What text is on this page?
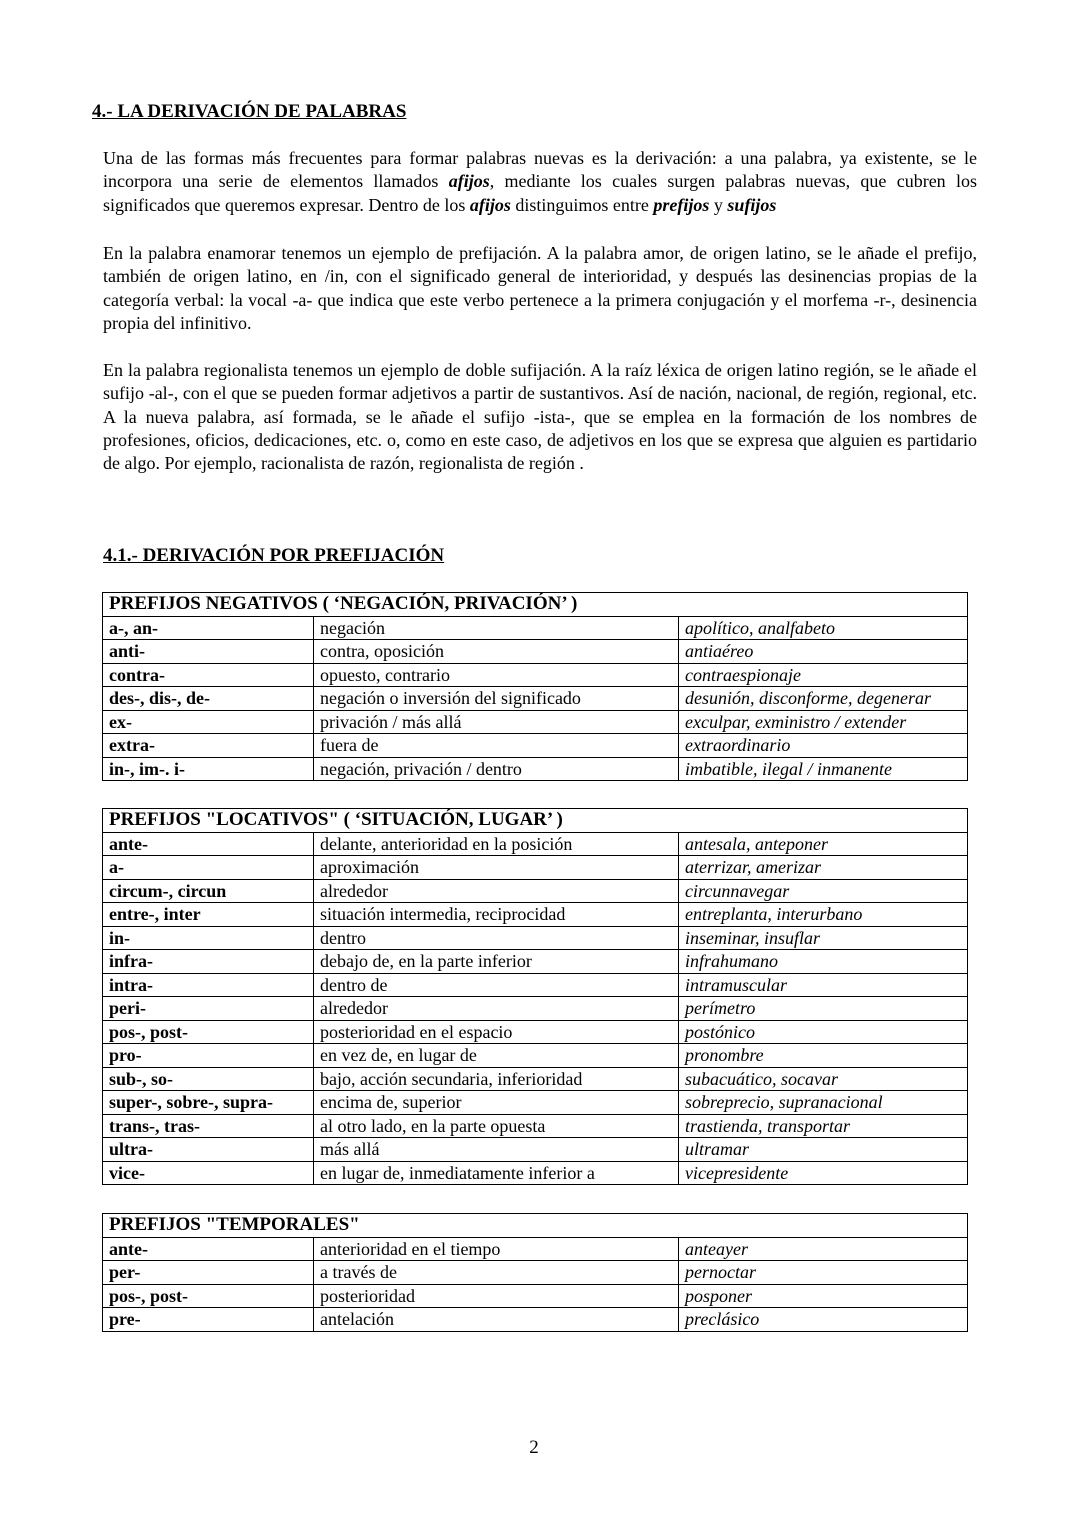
4.- LA DERIVACIÓN DE PALABRAS
Una de las formas más frecuentes para formar palabras nuevas es la derivación: a una palabra, ya existente, se le incorpora una serie de elementos llamados afijos, mediante los cuales surgen palabras nuevas, que cubren los significados que queremos expresar. Dentro de los afijos distinguimos entre prefijos y sufijos
En la palabra enamorar tenemos un ejemplo de prefijación. A la palabra amor, de origen latino, se le añade el prefijo, también de origen latino, en /in, con el significado general de interioridad, y después las desinencias propias de la categoría verbal: la vocal -a- que indica que este verbo pertenece a la primera conjugación y el morfema -r-, desinencia propia del infinitivo.
En la palabra regionalista tenemos un ejemplo de doble sufijación. A la raíz léxica de origen latino región, se le añade el sufijo -al-, con el que se pueden formar adjetivos a partir de sustantivos. Así de nación, nacional, de región, regional, etc. A la nueva palabra, así formada, se le añade el sufijo -ista-, que se emplea en la formación de los nombres de profesiones, oficios, dedicaciones, etc. o, como en este caso, de adjetivos en los que se expresa que alguien es partidario de algo. Por ejemplo, racionalista de razón, regionalista de región .
4.1.- DERIVACIÓN POR PREFIJACIÓN
PREFIJOS NEGATIVOS ( ‘NEGACIÓN, PRIVACIÓN’ )		
a-, an-	negación	apolítico, analfabeto
anti-	contra, oposición	antiaéreo
contra-	opuesto, contrario	contraespionaje
des-, dis-, de-	negación o inversión del significado	desunión, disconforme, degenerar
ex-	privación / más allá	exculpar, exministro / extender
extra-	fuera de	extraordinario
in-, im-. i-	negación, privación / dentro	imbatible, ilegal / inmanente
PREFIJOS "LOCATIVOS" ( ‘SITUACIÓN, LUGAR’ )		
ante-	delante, anterioridad en la posición	antesala, anteponer
a-	aproximación	aterrizar, amerizar
circum-, circun	alrededor	circunnavegar
entre-, inter	situación intermedia, reciprocidad	entreplanta, interurbano
in-	dentro	inseminar, insuflar
infra-	debajo de, en la parte inferior	infrahumano
intra-	dentro de	intramuscular
peri-	alrededor	perímetro
pos-, post-	posterioridad en el espacio	postónico
pro-	en vez de, en lugar de	pronombre
sub-, so-	bajo, acción secundaria, inferioridad	subacuático, socavar
super-, sobre-, supra-	encima de, superior	sobreprecio, supranacional
trans-, tras-	al otro lado, en la parte opuesta	trastienda, transportar
ultra-	más allá	ultramar
vice-	en lugar de, inmediatamente inferior a	vicepresidente
PREFIJOS "TEMPORALES"		
ante-	anterioridad en el tiempo	anteayer
per-	a través de	pernoctar
pos-, post-	posterioridad	posponer
pre-	antelación	preclásico
2
